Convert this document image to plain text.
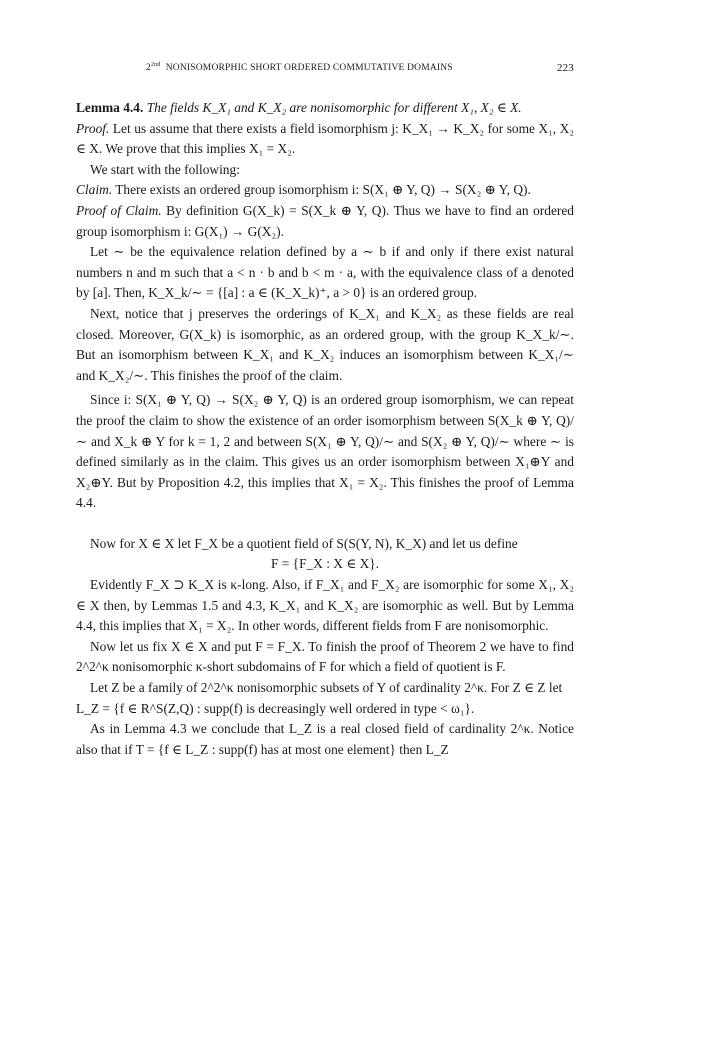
$2^{2nd}$ NONISOMORPHIC SHORT ORDERED COMMUTATIVE DOMAINS	223

Lemma 4.4. The fields K_X₁ and K_X₂ are nonisomorphic for different X₁, X₂ ∈ X.

Proof. Let us assume that there exists a field isomorphism j: K_X₁ → K_X₂ for some X₁, X₂ ∈ X. We prove that this implies X₁ = X₂.

We start with the following:

Claim. There exists an ordered group isomorphism i: S(X₁ ⊕ Y, Q) → S(X₂ ⊕ Y, Q).

Proof of Claim. By definition G(X_k) = S(X_k ⊕ Y, Q). Thus we have to find an ordered group isomorphism i: G(X₁) → G(X₂).

Let ∼ be the equivalence relation defined by a ∼ b if and only if there exist natural numbers n and m such that a < n · b and b < m · a, with the equivalence class of a denoted by [a]. Then, K_X_k/∼ = {[a] : a ∈ (K_X_k)⁺, a > 0} is an ordered group.

Next, notice that j preserves the orderings of K_X₁ and K_X₂ as these fields are real closed. Moreover, G(X_k) is isomorphic, as an ordered group, with the group K_X_k/∼. But an isomorphism between K_X₁ and K_X₂ induces an isomorphism between K_X₁/∼ and K_X₂/∼. This finishes the proof of the claim.

Since i: S(X₁ ⊕ Y, Q) → S(X₂ ⊕ Y, Q) is an ordered group isomorphism, we can repeat the proof the claim to show the existence of an order isomorphism between S(X_k ⊕ Y, Q)/∼ and X_k ⊕ Y for k = 1, 2 and between S(X₁ ⊕ Y, Q)/∼ and S(X₂ ⊕ Y, Q)/∼ where ∼ is defined similarly as in the claim. This gives us an order isomorphism between X₁⊕Y and X₂⊕Y. But by Proposition 4.2, this implies that X₁ = X₂. This finishes the proof of Lemma 4.4.

Now for X ∈ X let F_X be a quotient field of S(S(Y, N), K_X) and let us define

F = {F_X : X ∈ X}.

Evidently F_X ⊃ K_X is κ-long. Also, if F_X₁ and F_X₂ are isomorphic for some X₁, X₂ ∈ X then, by Lemmas 1.5 and 4.3, K_X₁ and K_X₂ are isomorphic as well. But by Lemma 4.4, this implies that X₁ = X₂. In other words, different fields from F are nonisomorphic.

Now let us fix X ∈ X and put F = F_X. To finish the proof of Theorem 2 we have to find 2^2^κ nonisomorphic κ-short subdomains of F for which a field of quotient is F.

Let Z be a family of 2^2^κ nonisomorphic subsets of Y of cardinality 2^κ. For Z ∈ Z let

L_Z = {f ∈ R^S(Z,Q) : supp(f) is decreasingly well ordered in type < ω₁}.

As in Lemma 4.3 we conclude that L_Z is a real closed field of cardinality 2^κ. Notice also that if T = {f ∈ L_Z : supp(f) has at most one element} then L_Z
